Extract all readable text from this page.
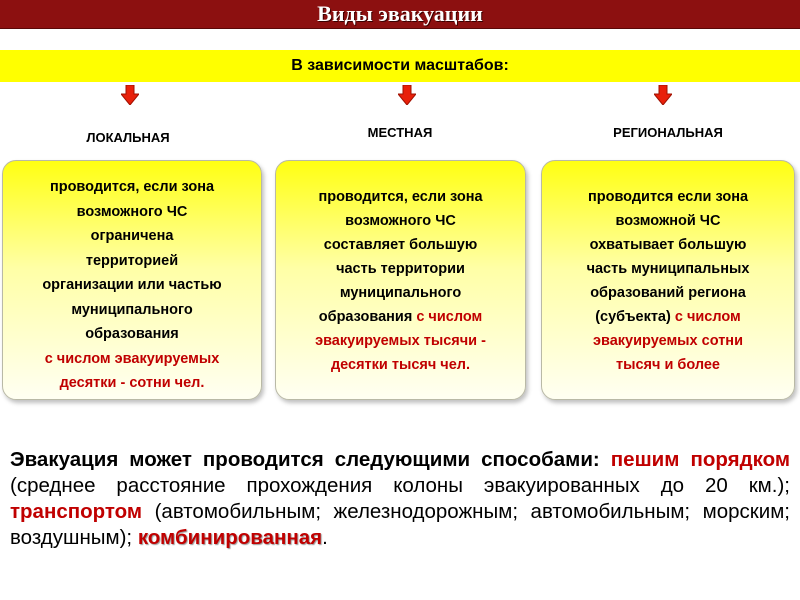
Виды эвакуации
В зависимости масштабов:
ЛОКАЛЬНАЯ	МЕСТНАЯ	РЕГИОНАЛЬНАЯ
проводится, если зона
возможного ЧС
ограничена
территорией
организации или частью
муниципального
образования
с числом эвакуируемых
десятки - сотни чел.
проводится, если зона
возможного ЧС
составляет большую
часть территории
муниципального
образования с числом
эвакуируемых тысячи -
десятки тысяч чел.
проводится если зона
возможной ЧС
охватывает большую
часть муниципальных
образований региона
(субъекта) с числом
эвакуируемых сотни
тысяч и более
Эвакуация может проводится следующими способами: пешим порядком (среднее расстояние прохождения колоны эвакуированных до 20 км.); транспортом (автомобильным; железнодорожным; автомобильным; морским; воздушным); комбинированная.
